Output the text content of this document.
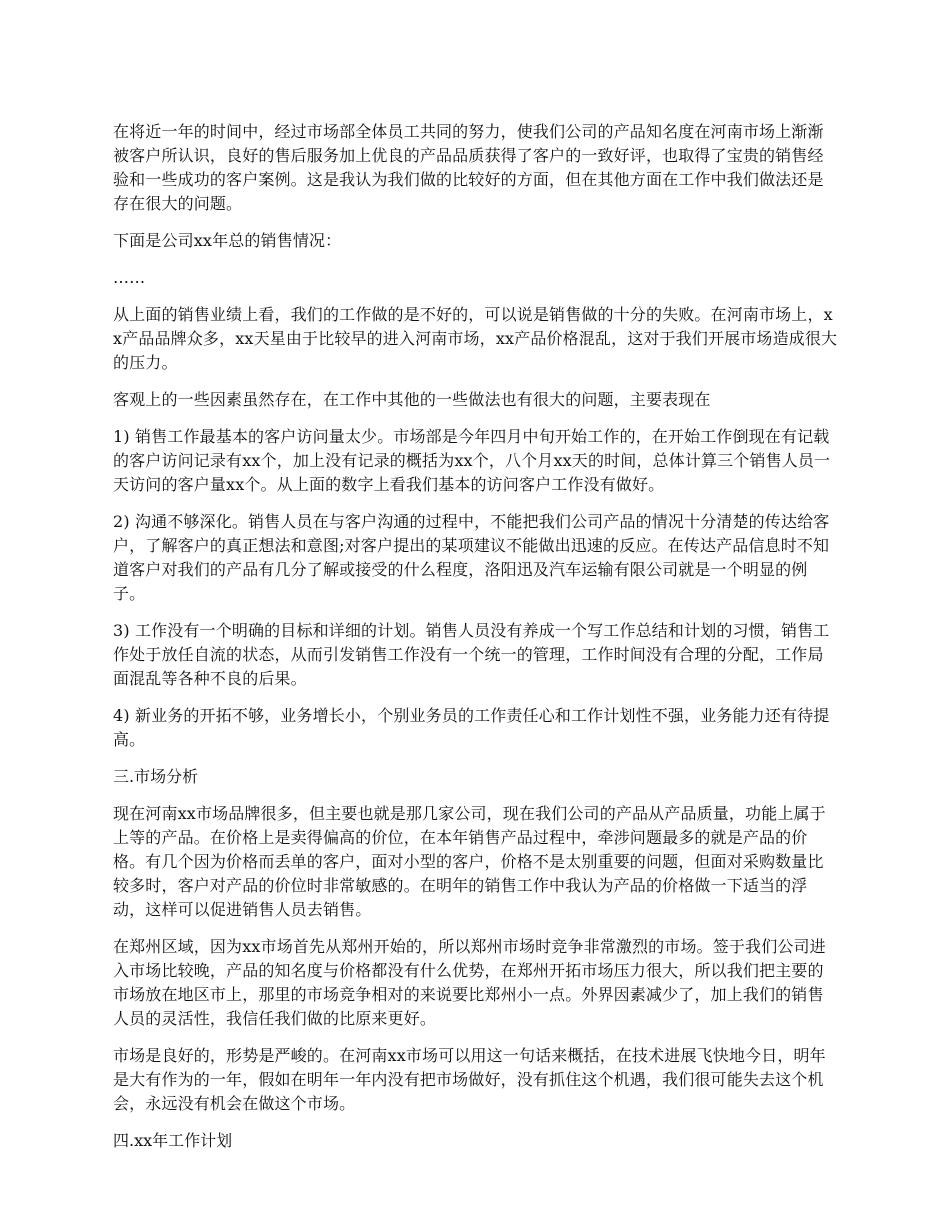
在将近一年的时间中，经过市场部全体员工共同的努力，使我们公司的产品知名度在河南市场上渐渐被客户所认识，良好的售后服务加上优良的产品品质获得了客户的一致好评，也取得了宝贵的销售经验和一些成功的客户案例。这是我认为我们做的比较好的方面，但在其他方面在工作中我们做法还是存在很大的问题。

下面是公司xx年总的销售情况：

……

从上面的销售业绩上看，我们的工作做的是不好的，可以说是销售做的十分的失败。在河南市场上，xx产品品牌众多，xx天星由于比较早的进入河南市场，xx产品价格混乱，这对于我们开展市场造成很大的压力。

客观上的一些因素虽然存在，在工作中其他的一些做法也有很大的问题，主要表现在

1) 销售工作最基本的客户访问量太少。市场部是今年四月中旬开始工作的，在开始工作倒现在有记载的客户访问记录有xx个，加上没有记录的概括为xx个，八个月xx天的时间，总体计算三个销售人员一天访问的客户量xx个。从上面的数字上看我们基本的访问客户工作没有做好。

2) 沟通不够深化。销售人员在与客户沟通的过程中，不能把我们公司产品的情况十分清楚的传达给客户，了解客户的真正想法和意图;对客户提出的某项建议不能做出迅速的反应。在传达产品信息时不知道客户对我们的产品有几分了解或接受的什么程度，洛阳迅及汽车运输有限公司就是一个明显的例子。

3) 工作没有一个明确的目标和详细的计划。销售人员没有养成一个写工作总结和计划的习惯，销售工作处于放任自流的状态，从而引发销售工作没有一个统一的管理，工作时间没有合理的分配，工作局面混乱等各种不良的后果。

4) 新业务的开拓不够，业务增长小，个别业务员的工作责任心和工作计划性不强，业务能力还有待提高。

三.市场分析

现在河南xx市场品牌很多，但主要也就是那几家公司，现在我们公司的产品从产品质量，功能上属于上等的产品。在价格上是卖得偏高的价位，在本年销售产品过程中，牵涉问题最多的就是产品的价格。有几个因为价格而丢单的客户，面对小型的客户，价格不是太别重要的问题，但面对采购数量比较多时，客户对产品的价位时非常敏感的。在明年的销售工作中我认为产品的价格做一下适当的浮动，这样可以促进销售人员去销售。

在郑州区域，因为xx市场首先从郑州开始的，所以郑州市场时竞争非常激烈的市场。签于我们公司进入市场比较晚，产品的知名度与价格都没有什么优势，在郑州开拓市场压力很大，所以我们把主要的市场放在地区市上，那里的市场竞争相对的来说要比郑州小一点。外界因素减少了，加上我们的销售人员的灵活性，我信任我们做的比原来更好。

市场是良好的，形势是严峻的。在河南xx市场可以用这一句话来概括，在技术进展飞快地今日，明年是大有作为的一年，假如在明年一年内没有把市场做好，没有抓住这个机遇，我们很可能失去这个机会，永远没有机会在做这个市场。

四.xx年工作计划
